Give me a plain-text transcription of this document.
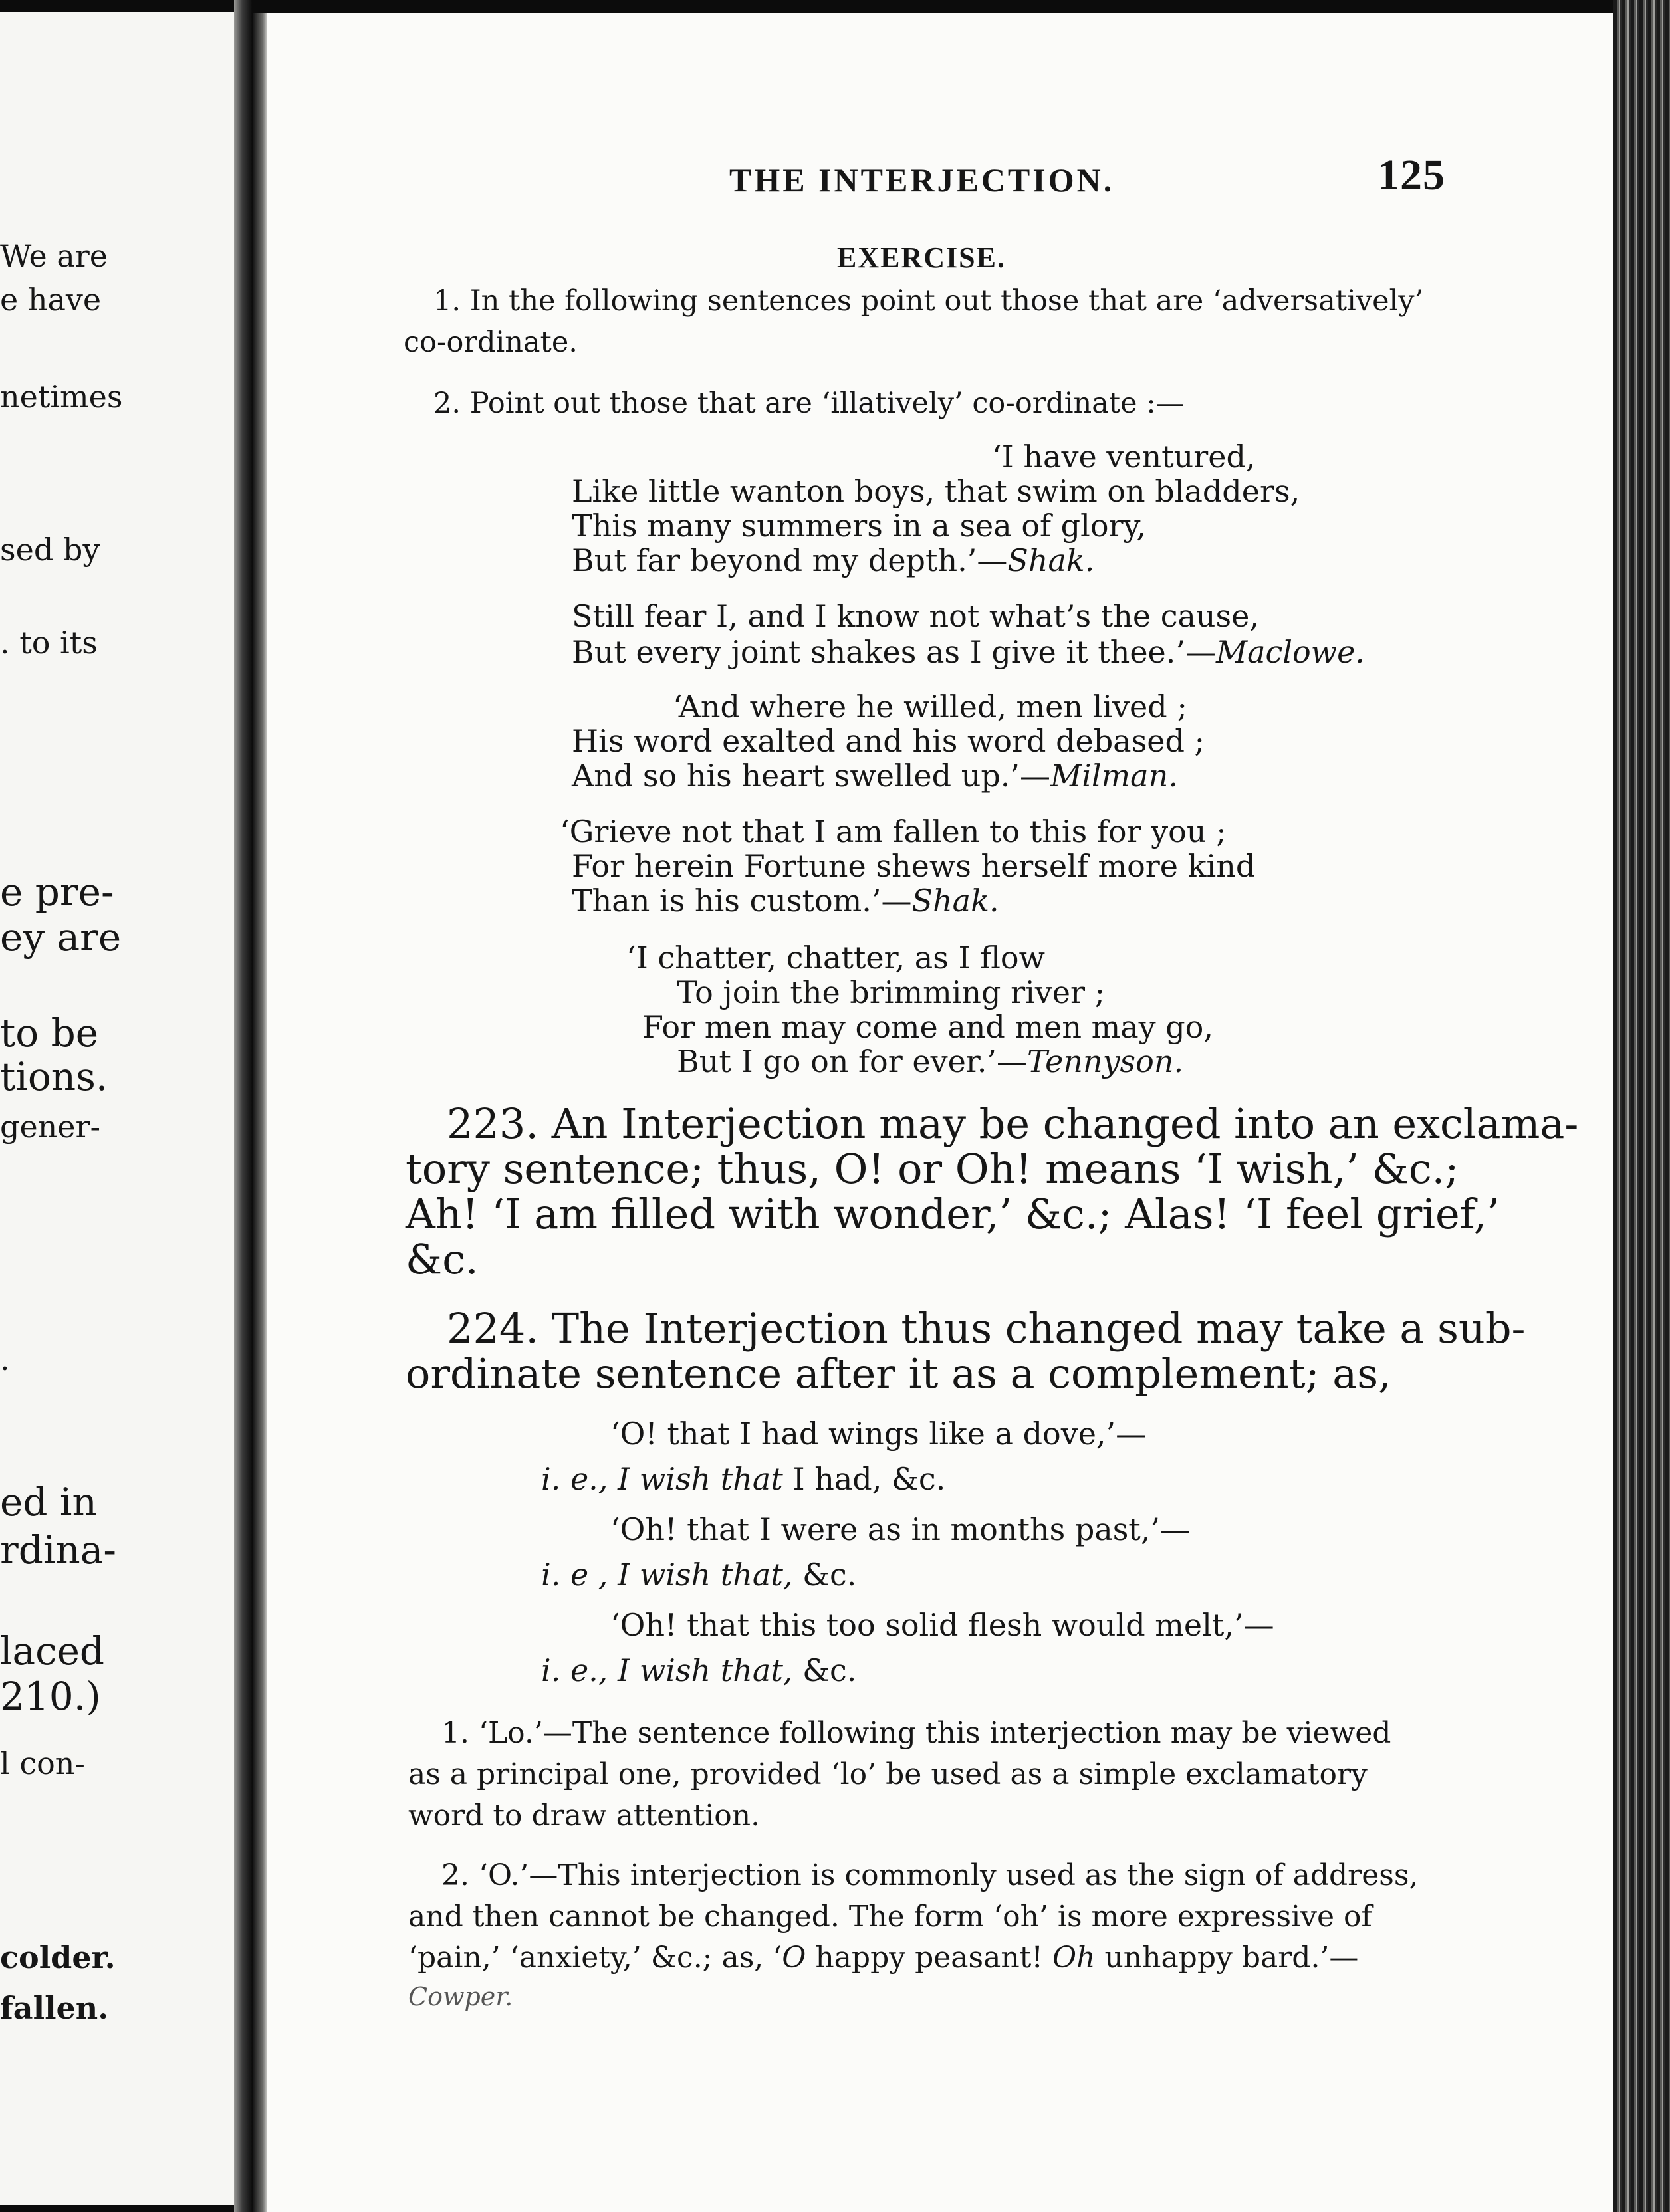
We are
e have
netimes
sed by
. to its
e pre-
ey are
to be
tions.
gener-
.
ed in
rdina-
laced
210.)
l con-
colder.
fallen.
THE INTERJECTION.	125
EXERCISE.
1. In the following sentences point out those that are ‘adversatively’
co-ordinate.
2. Point out those that are ‘illatively’ co-ordinate :—
‘I have ventured,
Like little wanton boys, that swim on bladders,
This many summers in a sea of glory,
But far beyond my depth.’—Shak.
Still fear I, and I know not what’s the cause,
But every joint shakes as I give it thee.’—Maclowe.
‘And where he willed, men lived ;
His word exalted and his word debased ;
And so his heart swelled up.’—Milman.
‘Grieve not that I am fallen to this for you ;
For herein Fortune shews herself more kind
Than is his custom.’—Shak.
‘I chatter, chatter, as I flow
To join the brimming river ;
For men may come and men may go,
But I go on for ever.’—Tennyson.
223. An Interjection may be changed into an exclama-
tory sentence; thus, O! or Oh! means ‘I wish,’ &c.;
Ah! ‘I am filled with wonder,’ &c.; Alas! ‘I feel grief,’
&c.
224. The Interjection thus changed may take a sub-
ordinate sentence after it as a complement; as,
‘O! that I had wings like a dove,’—
i. e., I wish that I had, &c.
‘Oh! that I were as in months past,’—
i. e , I wish that, &c.
‘Oh! that this too solid flesh would melt,’—
i. e., I wish that, &c.
1. ‘Lo.’—The sentence following this interjection may be viewed
as a principal one, provided ‘lo’ be used as a simple exclamatory
word to draw attention.
2. ‘O.’—This interjection is commonly used as the sign of address,
and then cannot be changed. The form ‘oh’ is more expressive of
‘pain,’ ‘anxiety,’ &c.; as, ‘O happy peasant! Oh unhappy bard.’—
Cowper.
